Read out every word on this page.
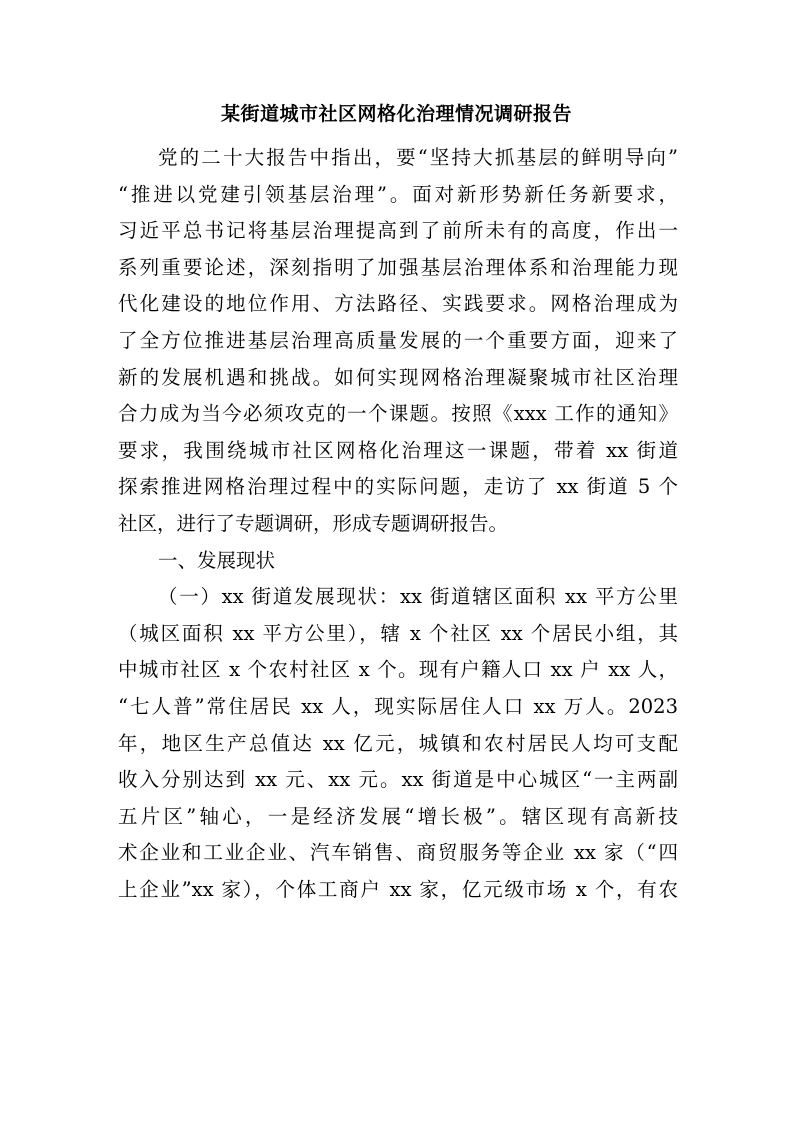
某街道城市社区网格化治理情况调研报告
党的二十大报告中指出，要“坚持大抓基层的鲜明导向”
“推进以党建引领基层治理”。面对新形势新任务新要求，
习近平总书记将基层治理提高到了前所未有的高度，作出一
系列重要论述，深刻指明了加强基层治理体系和治理能力现
代化建设的地位作用、方法路径、实践要求。网格治理成为
了全方位推进基层治理高质量发展的一个重要方面，迎来了
新的发展机遇和挑战。如何实现网格治理凝聚城市社区治理
合力成为当今必须攻克的一个课题。按照《xxx 工作的通知》
要求，我围绕城市社区网格化治理这一课题，带着 xx 街道
探索推进网格治理过程中的实际问题，走访了 xx 街道 5 个
社区，进行了专题调研，形成专题调研报告。
一、发展现状
（一）xx 街道发展现状：xx 街道辖区面积 xx 平方公里
（城区面积 xx 平方公里），辖 x 个社区 xx 个居民小组，其
中城市社区 x 个农村社区 x 个。现有户籍人口 xx 户 xx 人，
“七人普”常住居民 xx 人，现实际居住人口 xx 万人。2023
年，地区生产总值达 xx 亿元，城镇和农村居民人均可支配
收入分别达到 xx 元、xx 元。xx 街道是中心城区“一主两副
五片区”轴心，一是经济发展“增长极”。辖区现有高新技
术企业和工业企业、汽车销售、商贸服务等企业 xx 家（“四
上企业”xx 家），个体工商户 xx 家，亿元级市场 x 个，有农
